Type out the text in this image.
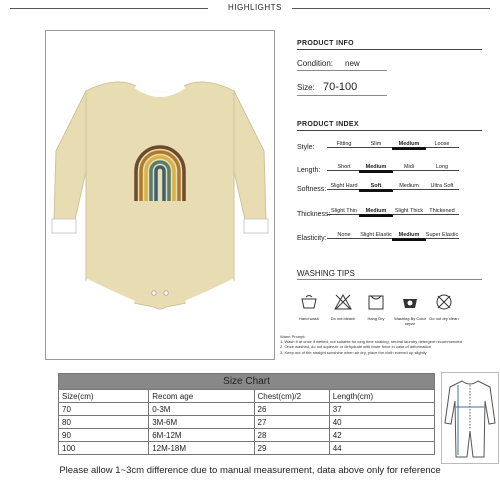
HIGHLIGHTS
PRODUCT INFO
Condition: new
Size: 70-100
PRODUCT INDEX
Style:	Fitting	Slim	Medium	Loose
Length:	Short	Medium	Midi	Long
Softness: Slight Hard	Soft	Medium	Ultra Soft
Thickness: Slight Thin	Medium	Slight Thick	Thickened
Elasticity:	None	Slight Elastic	Medium	Super Elastic
WASHING TIPS
Hand wash	Do not bleach	Hang Dry	Washing By Color separ
Do not dry clean
Warm Prompt:
1. Wash it at once if wetted, not suitable for long time soaking, neutral laundry detergent recommended
2. Once washed, do not squeeze or dehydrate with brute force in case of deformation
3. Keep out of the straight sunshine when air dry, place the cloth evened up slightly
Size Chart
Size(cm)	Recom age	Chest(cm)/2	Length(cm)
70	0-3M	26	37
80	3M-6M	27	40
90	6M-12M	28	42
100	12M-18M	29	44
Please allow 1~3cm difference due to manual measurement, data above only for reference
